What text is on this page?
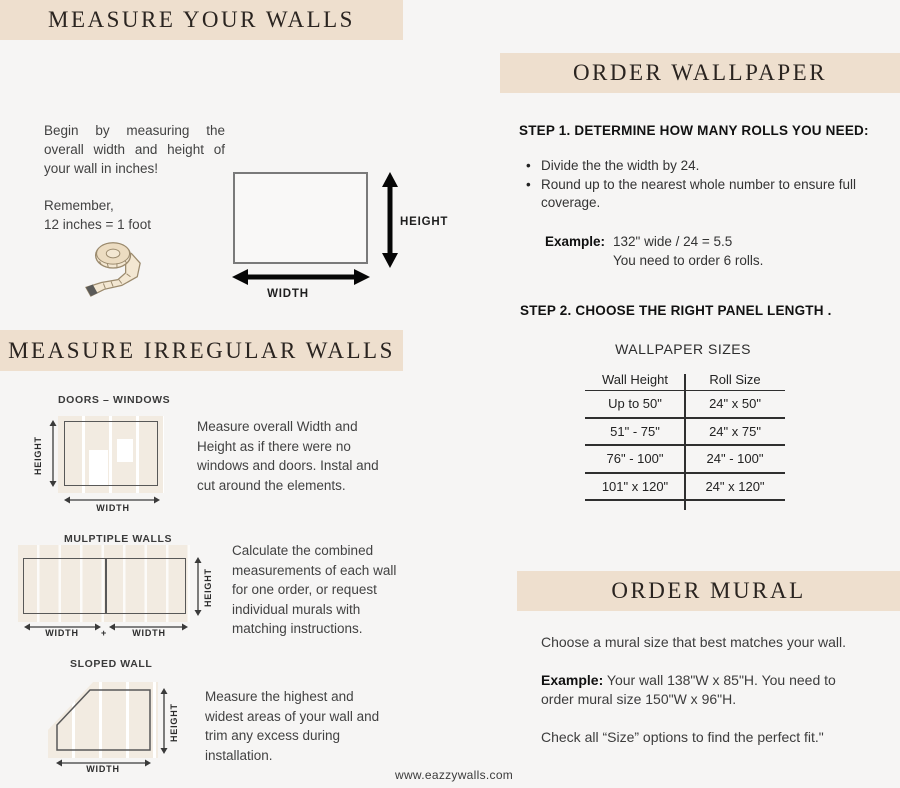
MEASURE YOUR WALLS
Begin by measuring the overall width and height of your wall in inches!
Remember,
12 inches = 1 foot	HEIGHT
WIDTH
MEASURE IRREGULAR WALLS
DOORS – WINDOWS
HEIGHT
WIDTH
Measure overall Width and Height as if there were no windows and doors. Instal and cut around the elements.
MULPTIPLE WALLS
HEIGHT
WIDTH	+	WIDTH
Calculate the combined measurements of each wall for one order, or request individual murals with matching instructions.
SLOPED WALL
HEIGHT
WIDTH
Measure the highest and widest areas of your wall and trim any excess during installation.
www.eazzywalls.com
ORDER WALLPAPER
STEP 1. DETERMINE HOW MANY ROLLS YOU NEED:
• Divide the the width by 24.
• Round up to the nearest whole number to ensure full coverage.
Example: 132" wide / 24 = 5.5
You need to order 6 rolls.
STEP 2. CHOOSE THE RIGHT PANEL LENGTH .
WALLPAPER SIZES
Wall Height	Roll Size
Up to 50"	24" x 50"
51" - 75"	24" x 75"
76" - 100"	24" - 100"
101" x 120"	24" x 120"
ORDER MURAL

Choose a mural size that best matches your wall.

Example: Your wall 138"W x 85"H. You need to order mural size 150"W x 96"H.

Check all “Size” options to find the perfect fit."
